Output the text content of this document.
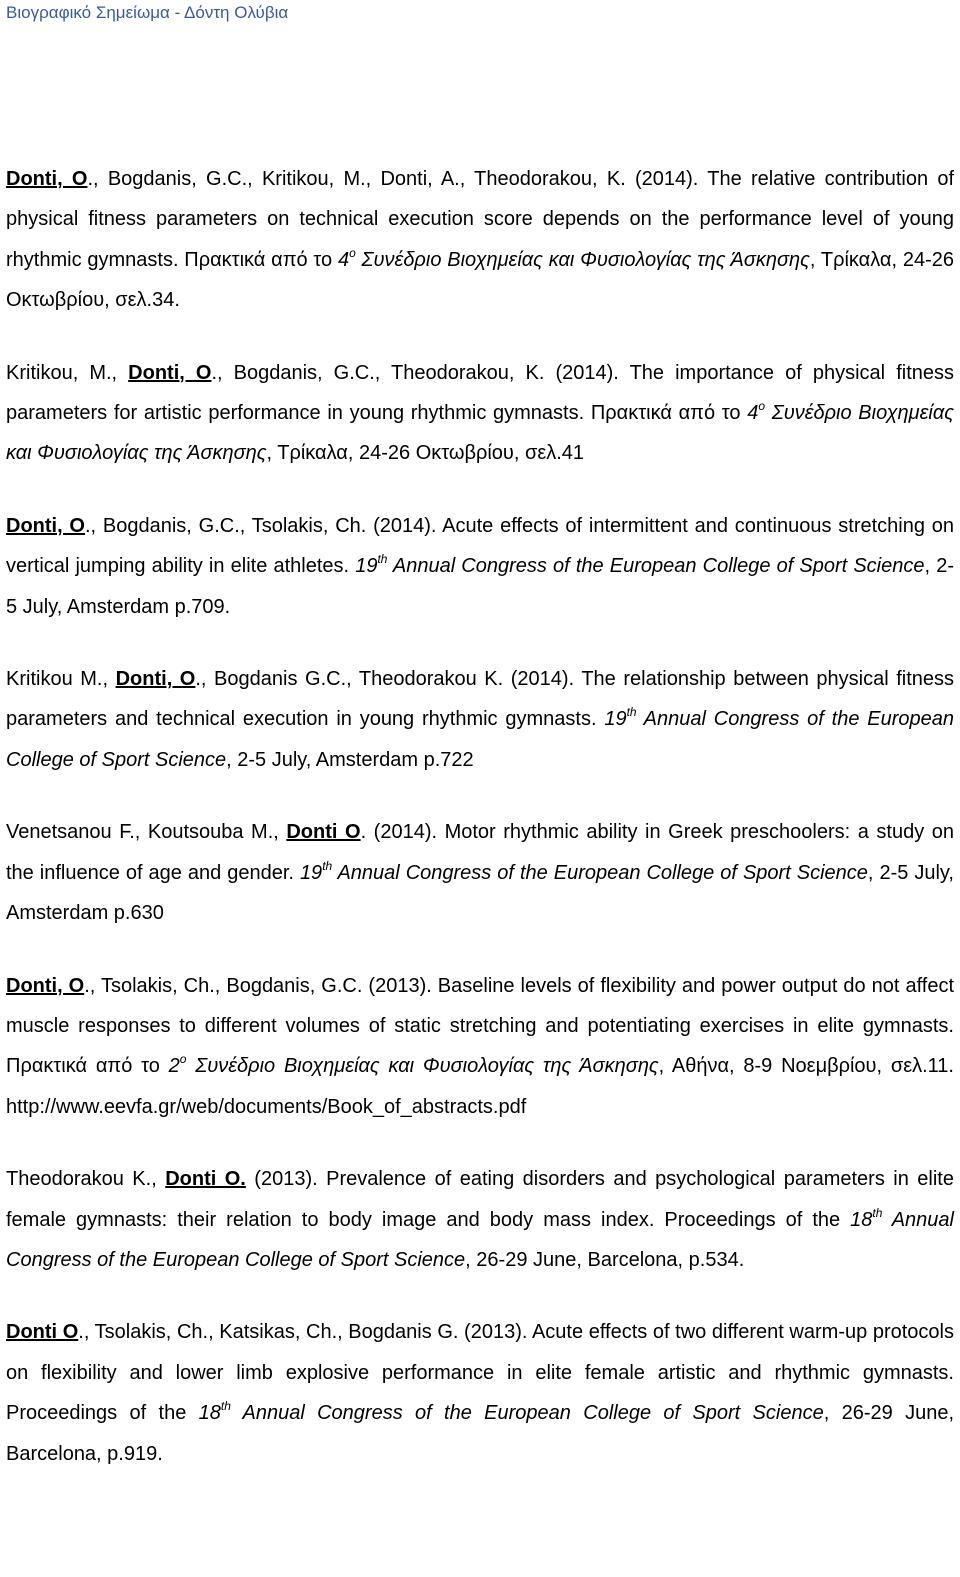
Βιογραφικό Σημείωμα - Δόντη Ολύβια

Donti, O., Bogdanis, G.C., Kritikou, M., Donti, A., Theodorakou, K. (2014). The relative contribution of physical fitness parameters on technical execution score depends on the performance level of young rhythmic gymnasts. Πρακτικά από το $4^o$ Συνέδριο Βιοχημείας και Φυσιολογίας της Άσκησης, Τρίκαλα, 24-26 Οκτωβρίου, σελ.34.

Kritikou, M., Donti, O., Bogdanis, G.C., Theodorakou, K. (2014). The importance of physical fitness parameters for artistic performance in young rhythmic gymnasts. Πρακτικά από το $4^o$ Συνέδριο Βιοχημείας και Φυσιολογίας της Άσκησης, Τρίκαλα, 24-26 Οκτωβρίου, σελ.41

Donti, O., Bogdanis, G.C., Tsolakis, Ch. (2014). Acute effects of intermittent and continuous stretching on vertical jumping ability in elite athletes. 19th Annual Congress of the European College of Sport Science, 2-5 July, Amsterdam p.709.

Kritikou M., Donti, O., Bogdanis G.C., Theodorakou K. (2014). The relationship between physical fitness parameters and technical execution in young rhythmic gymnasts. 19th Annual Congress of the European College of Sport Science, 2-5 July, Amsterdam p.722

Venetsanou F., Koutsouba M., Donti O. (2014). Motor rhythmic ability in Greek preschoolers: a study on the influence of age and gender. 19th Annual Congress of the European College of Sport Science, 2-5 July, Amsterdam p.630

Donti, O., Tsolakis, Ch., Bogdanis, G.C. (2013). Baseline levels of flexibility and power output do not affect muscle responses to different volumes of static stretching and potentiating exercises in elite gymnasts. Πρακτικά από το $2^o$ Συνέδριο Βιοχημείας και Φυσιολογίας της Άσκησης, Αθήνα, 8-9 Νοεμβρίου, σελ.11. http://www.eevfa.gr/web/documents/Book_of_abstracts.pdf

Theodorakou K., Donti O. (2013). Prevalence of eating disorders and psychological parameters in elite female gymnasts: their relation to body image and body mass index. Proceedings of the 18th Annual Congress of the European College of Sport Science, 26-29 June, Barcelona, p.534.

Donti O., Tsolakis, Ch., Katsikas, Ch., Bogdanis G. (2013). Acute effects of two different warm-up protocols on flexibility and lower limb explosive performance in elite female artistic and rhythmic gymnasts. Proceedings of the 18th Annual Congress of the European College of Sport Science, 26-29 June, Barcelona, p.919.
